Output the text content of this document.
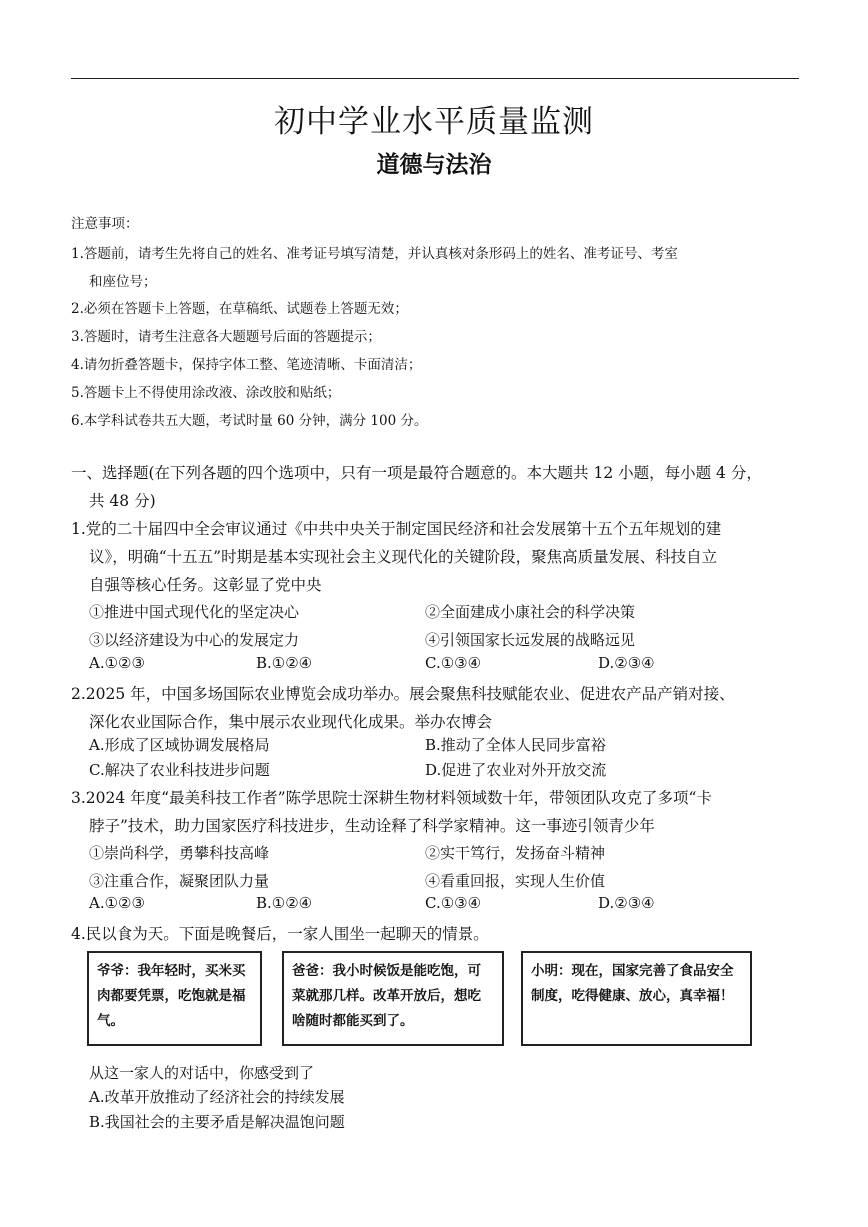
初中学业水平质量监测
道德与法治
注意事项：
1.答题前，请考生先将自己的姓名、准考证号填写清楚，并认真核对条形码上的姓名、准考证号、考室
和座位号；
2.必须在答题卡上答题，在草稿纸、试题卷上答题无效；
3.答题时，请考生注意各大题题号后面的答题提示；
4.请勿折叠答题卡，保持字体工整、笔迹清晰、卡面清洁；
5.答题卡上不得使用涂改液、涂改胶和贴纸；
6.本学科试卷共五大题，考试时量 60 分钟，满分 100 分。
一、选择题(在下列各题的四个选项中，只有一项是最符合题意的。本大题共 12 小题，每小题 4 分，
共 48 分)
1.党的二十届四中全会审议通过《中共中央关于制定国民经济和社会发展第十五个五年规划的建
议》，明确“十五五”时期是基本实现社会主义现代化的关键阶段，聚焦高质量发展、科技自立
自强等核心任务。这彰显了党中央
①推进中国式现代化的坚定决心	②全面建成小康社会的科学决策
③以经济建设为中心的发展定力	④引领国家长远发展的战略远见
A.①②③	B.①②④	C.①③④	D.②③④
2.2025 年，中国多场国际农业博览会成功举办。展会聚焦科技赋能农业、促进农产品产销对接、
深化农业国际合作，集中展示农业现代化成果。举办农博会
A.形成了区域协调发展格局	B.推动了全体人民同步富裕
C.解决了农业科技进步问题	D.促进了农业对外开放交流
3.2024 年度“最美科技工作者”陈学思院士深耕生物材料领域数十年，带领团队攻克了多项“卡
脖子”技术，助力国家医疗科技进步，生动诠释了科学家精神。这一事迹引领青少年
①崇尚科学，勇攀科技高峰	②实干笃行，发扬奋斗精神
③注重合作，凝聚团队力量	④看重回报，实现人生价值
A.①②③	B.①②④	C.①③④	D.②③④
4.民以食为天。下面是晚餐后，一家人围坐一起聊天的情景。
爷爷：我年轻时，买米买肉都要凭票，吃饱就是福气。
爸爸：我小时候饭是能吃饱，可菜就那几样。改革开放后，想吃啥随时都能买到了。
小明：现在，国家完善了食品安全制度，吃得健康、放心，真幸福！
从这一家人的对话中，你感受到了
A.改革开放推动了经济社会的持续发展
B.我国社会的主要矛盾是解决温饱问题
